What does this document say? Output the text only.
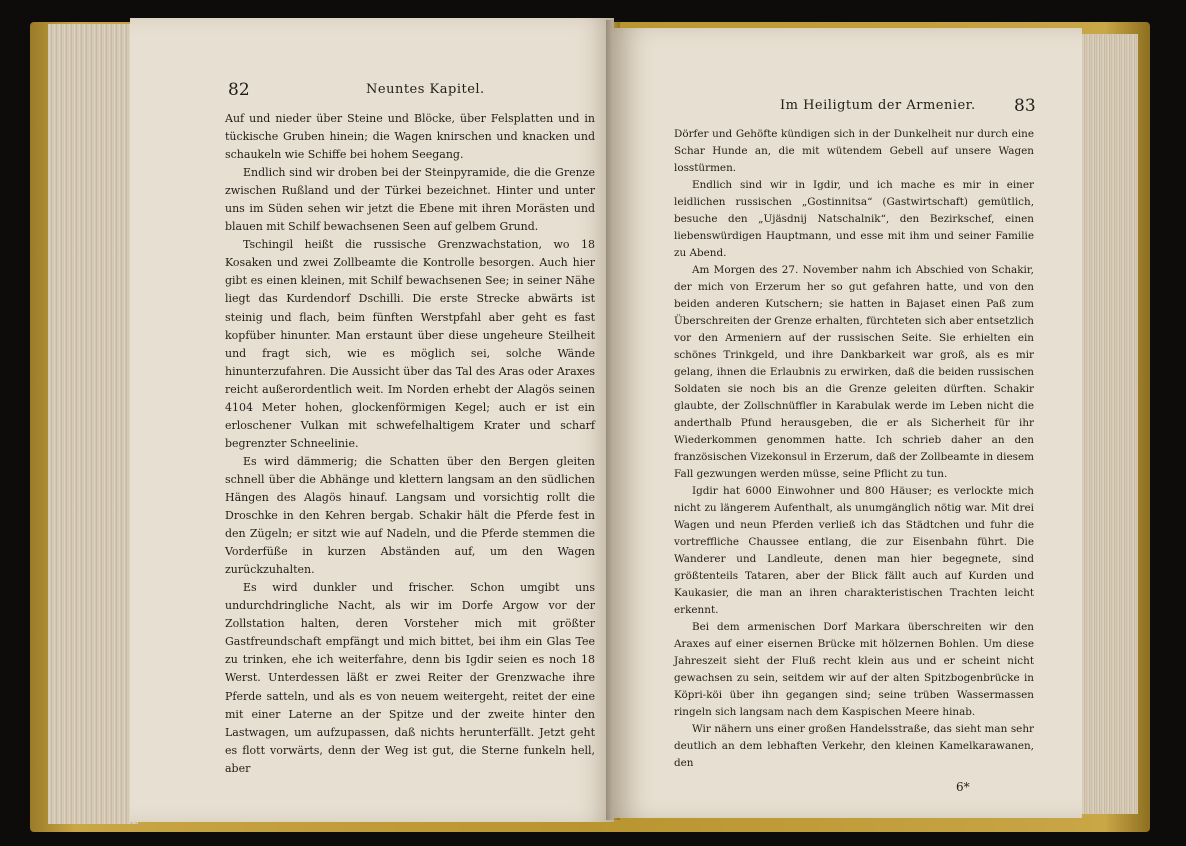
82	Neuntes Kapitel.

Auf und nieder über Steine und Blöcke, über Felsplatten und in tückische Gruben hinein; die Wagen knirschen und knacken und schaukeln wie Schiffe bei hohem Seegang.

Endlich sind wir droben bei der Steinpyramide, die die Grenze zwischen Rußland und der Türkei bezeichnet. Hinter und unter uns im Süden sehen wir jetzt die Ebene mit ihren Morästen und blauen mit Schilf bewachsenen Seen auf gelbem Grund.

Tschingil heißt die russische Grenzwachstation, wo 18 Kosaken und zwei Zollbeamte die Kontrolle besorgen. Auch hier gibt es einen kleinen, mit Schilf bewachsenen See; in seiner Nähe liegt das Kurdendorf Dschilli. Die erste Strecke abwärts ist steinig und flach, beim fünften Werstpfahl aber geht es fast kopfüber hinunter. Man erstaunt über diese ungeheure Steilheit und fragt sich, wie es möglich sei, solche Wände hinunterzufahren. Die Aussicht über das Tal des Aras oder Araxes reicht außerordentlich weit. Im Norden erhebt der Alagös seinen 4104 Meter hohen, glockenförmigen Kegel; auch er ist ein erloschener Vulkan mit schwefelhaltigem Krater und scharf begrenzter Schneelinie.

Es wird dämmerig; die Schatten über den Bergen gleiten schnell über die Abhänge und klettern langsam an den südlichen Hängen des Alagös hinauf. Langsam und vorsichtig rollt die Droschke in den Kehren bergab. Schakir hält die Pferde fest in den Zügeln; er sitzt wie auf Nadeln, und die Pferde stemmen die Vorderfüße in kurzen Abständen auf, um den Wagen zurückzuhalten.

Es wird dunkler und frischer. Schon umgibt uns undurchdringliche Nacht, als wir im Dorfe Argow vor der Zollstation halten, deren Vorsteher mich mit größter Gastfreundschaft empfängt und mich bittet, bei ihm ein Glas Tee zu trinken, ehe ich weiterfahre, denn bis Igdir seien es noch 18 Werst. Unterdessen läßt er zwei Reiter der Grenzwache ihre Pferde satteln, und als es von neuem weitergeht, reitet der eine mit einer Laterne an der Spitze und der zweite hinter den Lastwagen, um aufzupassen, daß nichts herunterfällt. Jetzt geht es flott vorwärts, denn der Weg ist gut, die Sterne funkeln hell, aber

Im Heiligtum der Armenier. 83

Dörfer und Gehöfte kündigen sich in der Dunkelheit nur durch eine Schar Hunde an, die mit wütendem Gebell auf unsere Wagen losstürmen.

Endlich sind wir in Igdir, und ich mache es mir in einer leidlichen russischen „Gostinnitsa“ (Gastwirtschaft) gemütlich, besuche den „Ujäsdnij Natschalnik“, den Bezirkschef, einen liebenswürdigen Hauptmann, und esse mit ihm und seiner Familie zu Abend.

Am Morgen des 27. November nahm ich Abschied von Schakir, der mich von Erzerum her so gut gefahren hatte, und von den beiden anderen Kutschern; sie hatten in Bajaset einen Paß zum Überschreiten der Grenze erhalten, fürchteten sich aber entsetzlich vor den Armeniern auf der russischen Seite. Sie erhielten ein schönes Trinkgeld, und ihre Dankbarkeit war groß, als es mir gelang, ihnen die Erlaubnis zu erwirken, daß die beiden russischen Soldaten sie noch bis an die Grenze geleiten dürften. Schakir glaubte, der Zollschnüffler in Karabulak werde im Leben nicht die anderthalb Pfund herausgeben, die er als Sicherheit für ihr Wiederkommen genommen hatte. Ich schrieb daher an den französischen Vizekonsul in Erzerum, daß der Zollbeamte in diesem Fall gezwungen werden müsse, seine Pflicht zu tun.

Igdir hat 6000 Einwohner und 800 Häuser; es verlockte mich nicht zu längerem Aufenthalt, als unumgänglich nötig war. Mit drei Wagen und neun Pferden verließ ich das Städtchen und fuhr die vortreffliche Chaussee entlang, die zur Eisenbahn führt. Die Wanderer und Landleute, denen man hier begegnete, sind größtenteils Tataren, aber der Blick fällt auch auf Kurden und Kaukasier, die man an ihren charakteristischen Trachten leicht erkennt.

Bei dem armenischen Dorf Markara überschreiten wir den Araxes auf einer eisernen Brücke mit hölzernen Bohlen. Um diese Jahreszeit sieht der Fluß recht klein aus und er scheint nicht gewachsen zu sein, seitdem wir auf der alten Spitzbogenbrücke in Köpri-köi über ihn gegangen sind; seine trüben Wassermassen ringeln sich langsam nach dem Kaspischen Meere hinab.

Wir nähern uns einer großen Handelsstraße, das sieht man sehr deutlich an dem lebhaften Verkehr, den kleinen Kamelkarawanen, den

6*
